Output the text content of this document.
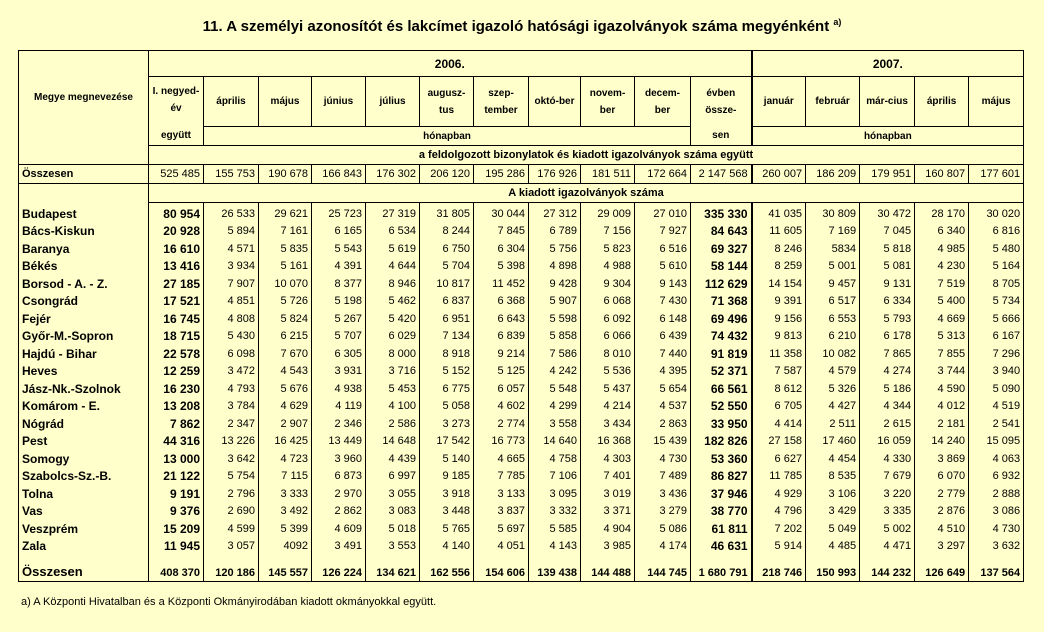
11. A személyi azonosítót és lakcímet igazoló hatósági igazolványok száma megyénként $^{a)}$
Megye megnevezése	2006.											2007.				
	I. negyed-év	április	május	június	július	augusz-tus	szep-tember	októ-ber	novem-ber	decem-ber	évben össze-	január	február	már-cius	április	május
	együtt	hónapban									sen	hónapban				
	a feldolgozott bizonylatok és kiadott igazolványok száma együtt															
Összesen	525 485	155 753	190 678	166 843	176 302	206 120	195 286	176 926	181 511	172 664	2 147 568	260 007	186 209	179 951	160 807	177 601
	A kiadott igazolványok száma															
Budapest	80 954	26 533	29 621	25 723	27 319	31 805	30 044	27 312	29 009	27 010	335 330	41 035	30 809	30 472	28 170	30 020
Bács-Kiskun	20 928	5 894	7 161	6 165	6 534	8 244	7 845	6 789	7 156	7 927	84 643	11 605	7 169	7 045	6 340	6 816
Baranya	16 610	4 571	5 835	5 543	5 619	6 750	6 304	5 756	5 823	6 516	69 327	8 246	5834	5 818	4 985	5 480
Békés	13 416	3 934	5 161	4 391	4 644	5 704	5 398	4 898	4 988	5 610	58 144	8 259	5 001	5 081	4 230	5 164
Borsod - A. - Z.	27 185	7 907	10 070	8 377	8 946	10 817	11 452	9 428	9 304	9 143	112 629	14 154	9 457	9 131	7 519	8 705
Csongrád	17 521	4 851	5 726	5 198	5 462	6 837	6 368	5 907	6 068	7 430	71 368	9 391	6 517	6 334	5 400	5 734
Fejér	16 745	4 808	5 824	5 267	5 420	6 951	6 643	5 598	6 092	6 148	69 496	9 156	6 553	5 793	4 669	5 666
Győr-M.-Sopron	18 715	5 430	6 215	5 707	6 029	7 134	6 839	5 858	6 066	6 439	74 432	9 813	6 210	6 178	5 313	6 167
Hajdú - Bihar	22 578	6 098	7 670	6 305	8 000	8 918	9 214	7 586	8 010	7 440	91 819	11 358	10 082	7 865	7 855	7 296
Heves	12 259	3 472	4 543	3 931	3 716	5 152	5 125	4 242	5 536	4 395	52 371	7 587	4 579	4 274	3 744	3 940
Jász-Nk.-Szolnok	16 230	4 793	5 676	4 938	5 453	6 775	6 057	5 548	5 437	5 654	66 561	8 612	5 326	5 186	4 590	5 090
Komárom - E.	13 208	3 784	4 629	4 119	4 100	5 058	4 602	4 299	4 214	4 537	52 550	6 705	4 427	4 344	4 012	4 519
Nógrád	7 862	2 347	2 907	2 346	2 586	3 273	2 774	3 558	3 434	2 863	33 950	4 414	2 511	2 615	2 181	2 541
Pest	44 316	13 226	16 425	13 449	14 648	17 542	16 773	14 640	16 368	15 439	182 826	27 158	17 460	16 059	14 240	15 095
Somogy	13 000	3 642	4 723	3 960	4 439	5 140	4 665	4 758	4 303	4 730	53 360	6 627	4 454	4 330	3 869	4 063
Szabolcs-Sz.-B.	21 122	5 754	7 115	6 873	6 997	9 185	7 785	7 106	7 401	7 489	86 827	11 785	8 535	7 679	6 070	6 932
Tolna	9 191	2 796	3 333	2 970	3 055	3 918	3 133	3 095	3 019	3 436	37 946	4 929	3 106	3 220	2 779	2 888
Vas	9 376	2 690	3 492	2 862	3 083	3 448	3 837	3 332	3 371	3 279	38 770	4 796	3 429	3 335	2 876	3 086
Veszprém	15 209	4 599	5 399	4 609	5 018	5 765	5 697	5 585	4 904	5 086	61 811	7 202	5 049	5 002	4 510	4 730
Zala	11 945	3 057	4092	3 491	3 553	4 140	4 051	4 143	3 985	4 174	46 631	5 914	4 485	4 471	3 297	3 632
Összesen	408 370	120 186	145 557	126 224	134 621	162 556	154 606	139 438	144 488	144 745	1 680 791	218 746	150 993	144 232	126 649	137 564
a) A Központi Hivatalban és a Központi Okmányirodában kiadott okmányokkal együtt.
